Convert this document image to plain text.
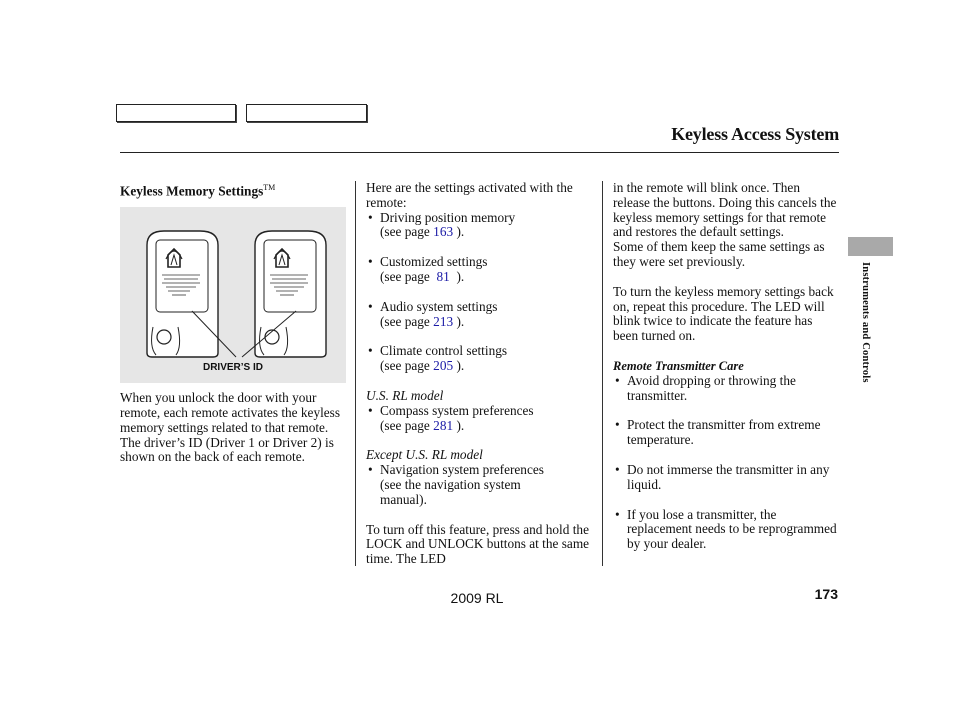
Keyless Access System
Keyless Memory Settings™
DRIVER’S ID

When you unlock the door with your remote, each remote activates the keyless memory settings related to that remote. The driver’s ID (Driver 1 or Driver 2) is shown on the back of each remote.

Here are the settings activated with the remote:

• Driving position memory
(see page 163 ).
• Customized settings
(see page 81 ).
• Audio system settings
(see page 213 ).
• Climate control settings
(see page 205 ).

U.S. RL model

• Compass system preferences
(see page 281 ).

Except U.S. RL model

• Navigation system preferences
(see the navigation system
manual).

To turn off this feature, press and hold the LOCK and UNLOCK buttons at the same time. The LED

in the remote will blink once. Then release the buttons. Doing this cancels the keyless memory settings for that remote and restores the default settings.

Some of them keep the same settings as they were set previously.

To turn the keyless memory settings back on, repeat this procedure. The LED will blink twice to indicate the feature has been turned on.

Remote Transmitter Care

• Avoid dropping or throwing the transmitter.
• Protect the transmitter from extreme temperature.
• Do not immerse the transmitter in any liquid.
• If you lose a transmitter, the replacement needs to be reprogrammed by your dealer.
Instruments and Controls
2009 RL	173
